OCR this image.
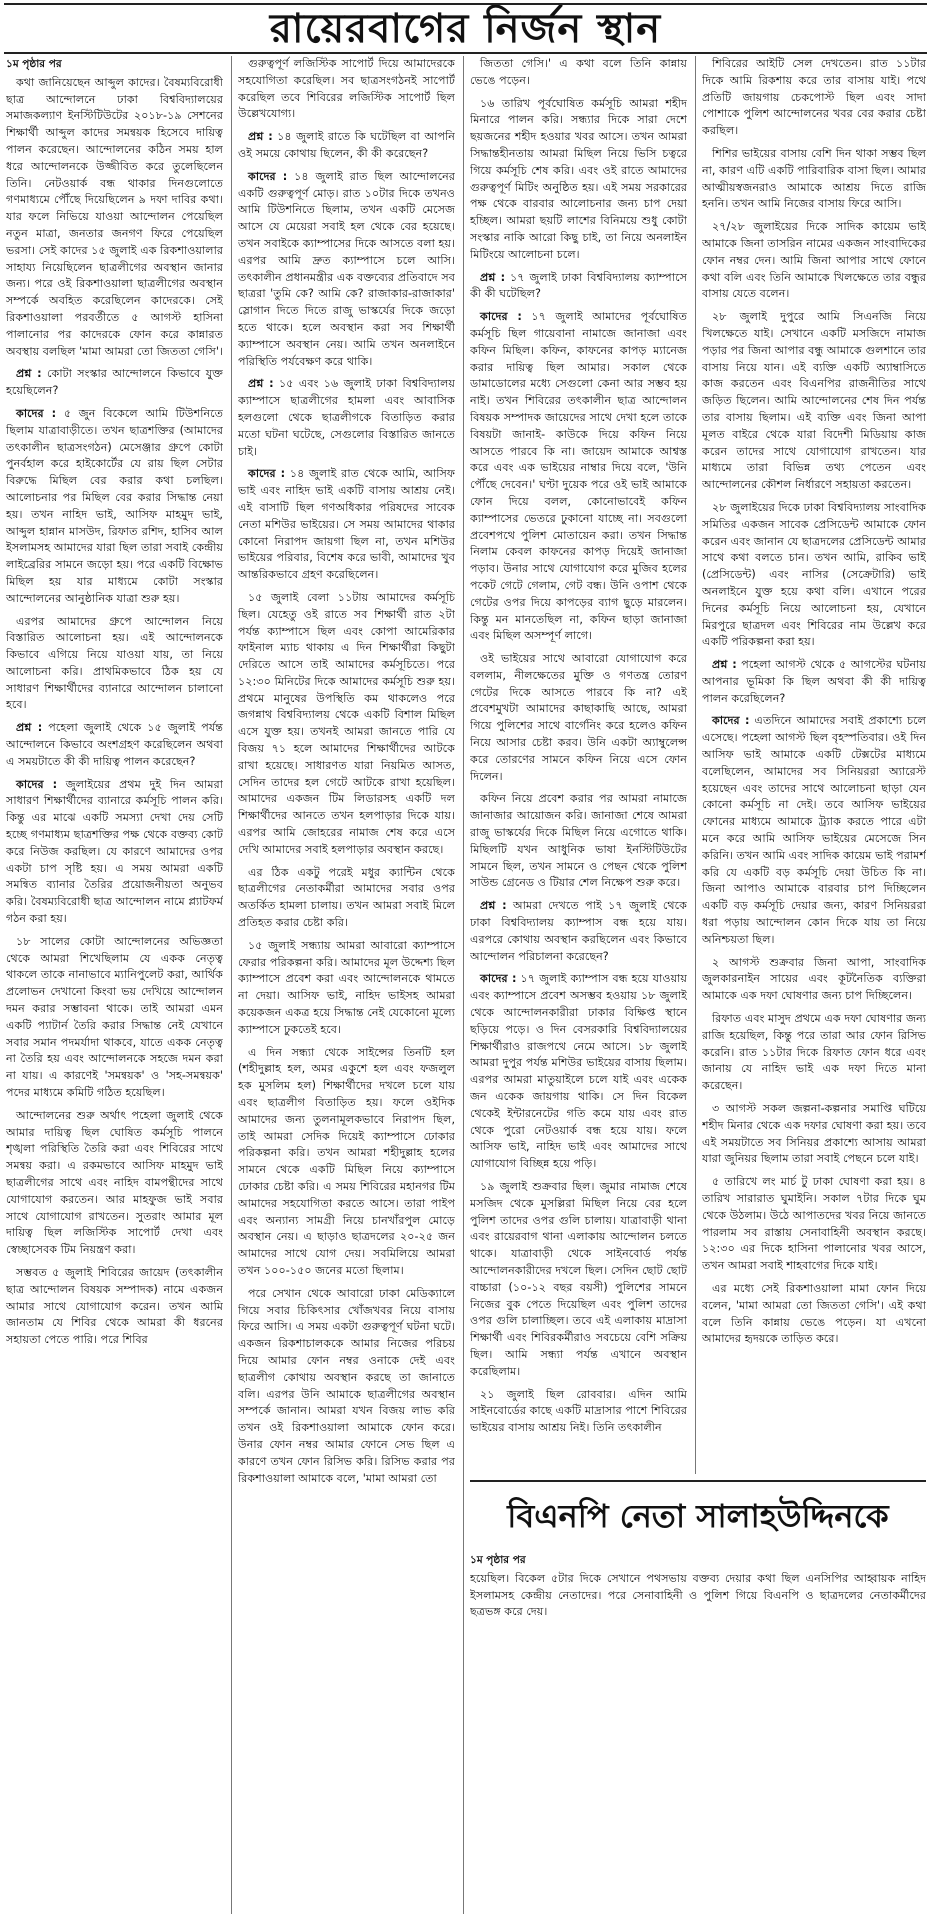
রায়েরবাগের নির্জন স্থান

১ম পৃষ্ঠার পর

কথা জানিয়েছেন আব্দুল কাদের। বৈষম্যবিরোধী ছাত্র আন্দোলনে ঢাকা বিশ্ববিদ্যালয়ের সমাজকল্যাণ ইনস্টিটিউটের ২০১৮-১৯ সেশনের শিক্ষার্থী আব্দুল কাদের সমন্বয়ক হিসেবে দায়িত্ব পালন করেছেন। আন্দোলনের কঠিন সময় হাল ধরে আন্দোলনকে উজ্জীবিত করে তুলেছিলেন তিনি। নেটওয়ার্ক বন্ধ থাকার দিনগুলোতে গণমাধ্যমে পৌঁছে দিয়েছিলেন ৯ দফা দাবির কথা। যার ফলে নিভিয়ে যাওয়া আন্দোলন পেয়েছিল নতুন মাত্রা, জনতার জনগণ ফিরে পেয়েছিল ভরসা। সেই কাদের ১৫ জুলাই এক রিকশাওয়ালার সাহায্য নিয়েছিলেন ছাত্রলীগের অবস্থান জানার জন্য। পরে ওই রিকশাওয়ালা ছাত্রলীগের অবস্থান সম্পর্কে অবহিত করেছিলেন কাদেরকে। সেই রিকশাওয়ালা পরবর্তীতে ৫ আগস্ট হাসিনা পালানোর পর কাদেরকে ফোন করে কান্নারত অবস্থায় বলছিল 'মামা আমরা তো জিততা গেসি'।

প্রশ্ন : কোটা সংস্কার আন্দোলনে কিভাবে যুক্ত হয়েছিলেন?

কাদের : ৫ জুন বিকেলে আমি টিউশনিতে ছিলাম যাত্রাবাড়ীতে। তখন ছাত্রশক্তির (আমাদের তৎকালীন ছাত্রসংগঠন) মেসেঞ্জার গ্রুপে কোটা পুনর্বহাল করে হাইকোর্টের যে রায় ছিল সেটার বিরুদ্ধে মিছিল বের করার কথা চলছিল। আলোচনার পর মিছিল বের করার সিদ্ধান্ত নেয়া হয়। তখন নাহিদ ভাই, আসিফ মাহমুদ ভাই, আব্দুল হান্নান মাসউদ, রিফাত রশিদ, হাসিব আল ইসলামসহ আমাদের যারা ছিল তারা সবাই কেন্দ্রীয় লাইব্রেরির সামনে জড়ো হয়। পরে একটি বিক্ষোভ মিছিল হয় যার মাধ্যমে কোটা সংস্কার আন্দোলনের আনুষ্ঠানিক যাত্রা শুরু হয়।

এরপর আমাদের গ্রুপে আন্দোলন নিয়ে বিস্তারিত আলোচনা হয়। এই আন্দোলনকে কিভাবে এগিয়ে নিয়ে যাওয়া যায়, তা নিয়ে আলোচনা করি। প্রাথমিকভাবে ঠিক হয় যে সাধারণ শিক্ষার্থীদের ব্যানারে আন্দোলন চালানো হবে।

প্রশ্ন : পহেলা জুলাই থেকে ১৫ জুলাই পর্যন্ত আন্দোলনে কিভাবে অংশগ্রহণ করেছিলেন অথবা এ সময়টাতে কী কী দায়িত্ব পালন করেছেন?

কাদের : জুলাইয়ের প্রথম দুই দিন আমরা সাধারণ শিক্ষার্থীদের ব্যানারে কর্মসূচি পালন করি। কিন্তু এর মাঝে একটি সমস্যা দেখা দেয় সেটি হচ্ছে গণমাধ্যম ছাত্রশক্তির পক্ষ থেকে বক্তব্য কোট করে নিউজ করছিল। যে কারণে আমাদের ওপর একটা চাপ সৃষ্টি হয়। এ সময় আমরা একটি সমন্বিত ব্যানার তৈরির প্রয়োজনীয়তা অনুভব করি। বৈষম্যবিরোধী ছাত্র আন্দোলন নামে প্ল্যাটফর্ম গঠন করা হয়।

১৮ সালের কোটা আন্দোলনের অভিজ্ঞতা থেকে আমরা শিখেছিলাম যে একক নেতৃত্ব থাকলে তাকে নানাভাবে ম্যানিপুলেট করা, আর্থিক প্রলোভন দেখানো কিংবা ভয় দেখিয়ে আন্দোলন দমন করার সম্ভাবনা থাকে। তাই আমরা এমন একটি প্যাটার্ন তৈরি করার সিদ্ধান্ত নেই যেখানে সবার সমান পদমর্যাদা থাকবে, যাতে একক নেতৃত্ব না তৈরি হয় এবং আন্দোলনকে সহজে দমন করা না যায়। এ কারণেই 'সমন্বয়ক' ও 'সহ-সমন্বয়ক' পদের মাধ্যমে কমিটি গঠিত হয়েছিল।

আন্দোলনের শুরু অর্থাৎ পহেলা জুলাই থেকে আমার দায়িত্ব ছিল ঘোষিত কর্মসূচি পালনে শৃঙ্খলা পরিস্থিতি তৈরি করা এবং শিবিরের সাথে সমন্বয় করা। এ রকমভাবে আসিফ মাহমুদ ভাই ছাত্রলীগের সাথে এবং নাহিদ বামপন্থীদের সাথে যোগাযোগ করতেন। আর মাহফুজ ভাই সবার সাথে যোগাযোগ রাখতেন। সুতরাং আমার মূল দায়িত্ব ছিল লজিস্টিক সাপোর্ট দেখা এবং স্বেচ্ছাসেবক টিম নিয়ন্ত্রণ করা।

সম্ভবত ৫ জুলাই শিবিরের জায়েদ (তৎকালীন ছাত্র আন্দোলন বিষয়ক সম্পাদক) নামে একজন আমার সাথে যোগাযোগ করেন। তখন আমি জানতাম যে শিবির থেকে আমরা কী ধরনের সহায়তা পেতে পারি। পরে শিবির

গুরুত্বপূর্ণ লজিস্টিক সাপোর্ট দিয়ে আমাদেরকে সহযোগিতা করেছিল। সব ছাত্রসংগঠনই সাপোর্ট করেছিল তবে শিবিরের লজিস্টিক সাপোর্ট ছিল উল্লেখযোগ্য।

প্রশ্ন : ১৪ জুলাই রাতে কি ঘটেছিল বা আপনি ওই সময়ে কোথায় ছিলেন, কী কী করেছেন?

কাদের : ১৪ জুলাই রাত ছিল আন্দোলনের একটি গুরুত্বপূর্ণ মোড়। রাত ১০টার দিকে তখনও আমি টিউশনিতে ছিলাম, তখন একটি মেসেজ আসে যে মেয়েরা সবাই হল থেকে বের হয়েছে। তখন সবাইকে ক্যাম্পাসের দিকে আসতে বলা হয়। এরপর আমি দ্রুত ক্যাম্পাসে চলে আসি। তৎকালীন প্রধানমন্ত্রীর এক বক্তব্যের প্রতিবাদে সব ছাত্ররা 'তুমি কে? আমি কে? রাজাকার-রাজাকার' স্লোগান দিতে দিতে রাজু ভাস্কর্যের দিকে জড়ো হতে থাকে। হলে অবস্থান করা সব শিক্ষার্থী ক্যাম্পাসে অবস্থান নেয়। আমি তখন অনলাইনে পরিস্থিতি পর্যবেক্ষণ করে থাকি।

প্রশ্ন : ১৫ এবং ১৬ জুলাই ঢাকা বিশ্ববিদ্যালয় ক্যাম্পাসে ছাত্রলীগের হামলা এবং আবাসিক হলগুলো থেকে ছাত্রলীগকে বিতাড়িত করার মতো ঘটনা ঘটেছে, সেগুলোর বিস্তারিত জানতে চাই।

কাদের : ১৪ জুলাই রাত থেকে আমি, আসিফ ভাই এবং নাহিদ ভাই একটি বাসায় আশ্রয় নেই। এই বাসাটি ছিল গণঅধিকার পরিষদের সাবেক নেতা মশিউর ভাইয়ের। সে সময় আমাদের থাকার কোনো নিরাপদ জায়গা ছিল না, তখন মশিউর ভাইয়ের পরিবার, বিশেষ করে ভাবী, আমাদের খুব আন্তরিকভাবে গ্রহণ করেছিলেন।

১৫ জুলাই বেলা ১১টায় আমাদের কর্মসূচি ছিল। যেহেতু ওই রাতে সব শিক্ষার্থী রাত ২টা পর্যন্ত ক্যাম্পাসে ছিল এবং কোপা আমেরিকার ফাইনাল ম্যাচ থাকায় এ দিন শিক্ষার্থীরা কিছুটা দেরিতে আসে তাই আমাদের কর্মসূচিতে। পরে ১২:৩০ মিনিটের দিকে আমাদের কর্মসূচি শুরু হয়। প্রথমে মানুষের উপস্থিতি কম থাকলেও পরে জগন্নাথ বিশ্ববিদ্যালয় থেকে একটি বিশাল মিছিল এসে যুক্ত হয়। তখনই আমরা জানতে পারি যে বিজয় ৭১ হলে আমাদের শিক্ষার্থীদের আটকে রাখা হয়েছে। সাধারণত যারা নিয়মিত আসত, সেদিন তাদের হল গেটে আটকে রাখা হয়েছিল। আমাদের একজন টিম লিডারসহ একটি দল শিক্ষার্থীদের আনতে তখন হলপাড়ার দিকে যায়। এরপর আমি জোহরের নামাজ শেষ করে এসে দেখি আমাদের সবাই হলপাড়ার অবস্থান করছে।

এর ঠিক একটু পরেই মধুর ক্যান্টিন থেকে ছাত্রলীগের নেতাকর্মীরা আমাদের সবার ওপর অতর্কিত হামলা চালায়। তখন আমরা সবাই মিলে প্রতিহত করার চেষ্টা করি।

১৫ জুলাই সন্ধ্যায় আমরা আবারো ক্যাম্পাসে ফেরার পরিকল্পনা করি। আমাদের মূল উদ্দেশ্য ছিল ক্যাম্পাসে প্রবেশ করা এবং আন্দোলনকে থামতে না দেয়া। আসিফ ভাই, নাহিদ ভাইসহ আমরা কয়েকজন একত্র হয়ে সিদ্ধান্ত নেই যেকোনো মূল্যে ক্যাম্পাসে ঢুকতেই হবে।

এ দিন সন্ধ্যা থেকে সাইন্সের তিনটি হল (শহীদুল্লাহ হল, অমর একুশে হল এবং ফজলুল হক মুসলিম হল) শিক্ষার্থীদের দখলে চলে যায় এবং ছাত্রলীগ বিতাড়িত হয়। ফলে ওইদিক আমাদের জন্য তুলনামূলকভাবে নিরাপদ ছিল, তাই আমরা সেদিক দিয়েই ক্যাম্পাসে ঢোকার পরিকল্পনা করি। তখন আমরা শহীদুল্লাহ হলের সামনে থেকে একটি মিছিল নিয়ে ক্যাম্পাসে ঢোকার চেষ্টা করি। এ সময় শিবিরের মহানগর টিম আমাদের সহযোগিতা করতে আসে। তারা পাইপ এবং অন্যান্য সামগ্রী নিয়ে চানখাঁরপুল মোড়ে অবস্থান নেয়। এ ছাড়াও ছাত্রদলের ২০-২৫ জন আমাদের সাথে যোগ দেয়। সবমিলিয়ে আমরা তখন ১০০-১৫০ জনের মতো ছিলাম।

পরে সেখান থেকে আবারো ঢাকা মেডিক্যালে গিয়ে সবার চিকিৎসার খোঁজখবর নিয়ে বাসায় ফিরে আসি। এ সময় একটা গুরুত্বপূর্ণ ঘটনা ঘটে। একজন রিকশাচালককে আমার নিজের পরিচয় দিয়ে আমার ফোন নম্বর ওনাকে দেই এবং ছাত্রলীগ কোথায় অবস্থান করছে তা জানাতে বলি। এরপর উনি আমাকে ছাত্রলীগের অবস্থান সম্পর্কে জানান। আমরা যখন বিজয় লাভ করি তখন ওই রিকশাওয়ালা আমাকে ফোন করে। উনার ফোন নম্বর আমার ফোনে সেভ ছিল এ কারণে তখন ফোন রিসিভ করি। রিসিভ করার পর রিকশাওয়ালা আমাকে বলে, 'মামা আমরা তো

জিততা গেসি।' এ কথা বলে তিনি কান্নায় ভেঙে পড়েন।

১৬ তারিখ পূর্বঘোষিত কর্মসূচি আমরা শহীদ মিনারে পালন করি। সন্ধ্যার দিকে সারা দেশে ছয়জনের শহীদ হওয়ার খবর আসে। তখন আমরা সিদ্ধান্তহীনতায় আমরা মিছিল নিয়ে ভিসি চত্বরে গিয়ে কর্মসূচি শেষ করি। এবং ওই রাতে আমাদের গুরুত্বপূর্ণ মিটিং অনুষ্ঠিত হয়। এই সময় সরকারের পক্ষ থেকে বারবার আলোচনার জন্য চাপ দেয়া হচ্ছিল। আমরা ছয়টি লাশের বিনিময়ে শুধু কোটা সংস্কার নাকি আরো কিছু চাই, তা নিয়ে অনলাইন মিটিংয়ে আলোচনা চলে।

প্রশ্ন : ১৭ জুলাই ঢাকা বিশ্ববিদ্যালয় ক্যাম্পাসে কী কী ঘটেছিল?

কাদের : ১৭ জুলাই আমাদের পূর্বঘোষিত কর্মসূচি ছিল গায়েবানা নামাজে জানাজা এবং কফিন মিছিল। কফিন, কাফনের কাপড় ম্যানেজ করার দায়িত্ব ছিল আমার। সকাল থেকে ডামাডোলের মধ্যে সেগুলো কেনা আর সম্ভব হয় নাই। তখন শিবিরের তৎকালীন ছাত্র আন্দোলন বিষয়ক সম্পাদক জায়েদের সাথে দেখা হলে তাকে বিষয়টা জানাই- কাউকে দিয়ে কফিন নিয়ে আসতে পারবে কি না। জায়েদ আমাকে আশ্বস্ত করে এবং এক ভাইয়ের নাম্বার দিয়ে বলে, 'উনি পৌঁছে দেবেন।' ঘণ্টা দুয়েক পরে ওই ভাই আমাকে ফোন দিয়ে বলল, কোনোভাবেই কফিন ক্যাম্পাসের ভেতরে ঢুকানো যাচ্ছে না। সবগুলো প্রবেশপথে পুলিশ মোতায়েন করা। তখন সিদ্ধান্ত নিলাম কেবল কাফনের কাপড় দিয়েই জানাজা পড়াব। উনার সাথে যোগাযোগ করে মুজিব হলের পকেট গেটে গেলাম, গেট বন্ধ। উনি ওপাশ থেকে গেটের ওপর দিয়ে কাপড়ের ব্যাগ ছুড়ে মারলেন। কিন্তু মন মানতেছিল না, কফিন ছাড়া জানাজা এবং মিছিল অসম্পূর্ণ লাগে।

ওই ভাইয়ের সাথে আবারো যোগাযোগ করে বললাম, নীলক্ষেতের মুক্তি ও গণতন্ত্র তোরণ গেটের দিকে আসতে পারবে কি না? এই প্রবেশমুখটা আমাদের কাছাকাছি আছে, আমরা গিয়ে পুলিশের সাথে বার্গেনিং করে হলেও কফিন নিয়ে আসার চেষ্টা করব। উনি একটা অ্যাম্বুলেন্স করে তোরণের সামনে কফিন নিয়ে এসে ফোন দিলেন।

কফিন নিয়ে প্রবেশ করার পর আমরা নামাজে জানাজার আয়োজন করি। জানাজা শেষে আমরা রাজু ভাস্কর্যের দিকে মিছিল নিয়ে এগোতে থাকি। মিছিলটি যখন আধুনিক ভাষা ইনস্টিটিউটের সামনে ছিল, তখন সামনে ও পেছন থেকে পুলিশ সাউন্ড গ্রেনেড ও টিয়ার শেল নিক্ষেপ শুরু করে।

প্রশ্ন : আমরা দেখতে পাই ১৭ জুলাই থেকে ঢাকা বিশ্ববিদ্যালয় ক্যাম্পাস বন্ধ হয়ে যায়। এরপরে কোথায় অবস্থান করছিলেন এবং কিভাবে আন্দোলন পরিচালনা করেছেন?

কাদের : ১৭ জুলাই ক্যাম্পাস বন্ধ হয়ে যাওয়ায় এবং ক্যাম্পাসে প্রবেশ অসম্ভব হওয়ায় ১৮ জুলাই থেকে আন্দোলনকারীরা ঢাকার বিক্ষিপ্ত স্থানে ছড়িয়ে পড়ে। ও দিন বেসরকারি বিশ্ববিদ্যালয়ের শিক্ষার্থীরাও রাজপথে নেমে আসে। ১৮ জুলাই আমরা দুপুর পর্যন্ত মশিউর ভাইয়ের বাসায় ছিলাম। এরপর আমরা মাতুয়াইলে চলে যাই এবং একেক জন একেক জায়গায় থাকি। সে দিন বিকেল থেকেই ইন্টারনেটের গতি কমে যায় এবং রাত থেকে পুরো নেটওয়ার্ক বন্ধ হয়ে যায়। ফলে আসিফ ভাই, নাহিদ ভাই এবং আমাদের সাথে যোগাযোগ বিচ্ছিন্ন হয়ে পড়ি।

১৯ জুলাই শুক্রবার ছিল। জুমার নামাজ শেষে মসজিদ থেকে মুসল্লিরা মিছিল নিয়ে বের হলে পুলিশ তাদের ওপর গুলি চালায়। যাত্রাবাড়ী থানা এবং রায়েরবাগ থানা এলাকায় আন্দোলন চলতে থাকে। যাত্রাবাড়ী থেকে সাইনবোর্ড পর্যন্ত আন্দোলনকারীদের দখলে ছিল। সেদিন ছোট ছোট বাচ্চারা (১০-১২ বছর বয়সী) পুলিশের সামনে নিজের বুক পেতে দিয়েছিল এবং পুলিশ তাদের ওপর গুলি চালাচ্ছিল। তবে এই এলাকায় মাদ্রাসা শিক্ষার্থী এবং শিবিরকর্মীরাও সবচেয়ে বেশি সক্রিয় ছিল। আমি সন্ধ্যা পর্যন্ত এখানে অবস্থান করেছিলাম।

২১ জুলাই ছিল রোববার। এদিন আমি সাইনবোর্ডের কাছে একটি মাদ্রাসার পাশে শিবিরের ভাইয়ের বাসায় আশ্রয় নিই। তিনি তৎকালীন

শিবিরের আইটি সেল দেখতেন। রাত ১১টার দিকে আমি রিকশায় করে তার বাসায় যাই। পথে প্রতিটি জায়গায় চেকপোস্ট ছিল এবং সাদা পোশাকে পুলিশ আন্দোলনের খবর বের করার চেষ্টা করছিল।

শিশির ভাইয়ের বাসায় বেশি দিন থাকা সম্ভব ছিল না, কারণ এটি একটি পারিবারিক বাসা ছিল। আমার আত্মীয়স্বজনরাও আমাকে আশ্রয় দিতে রাজি হননি। তখন আমি নিজের বাসায় ফিরে আসি।

২৭/২৮ জুলাইয়ের দিকে সাদিক কায়েম ভাই আমাকে জিনা তাসরিন নামের একজন সাংবাদিকের ফোন নম্বর দেন। আমি জিনা আপার সাথে ফোনে কথা বলি এবং তিনি আমাকে খিলক্ষেতে তার বন্ধুর বাসায় যেতে বলেন।

২৮ জুলাই দুপুরে আমি সিএনজি নিয়ে খিলক্ষেতে যাই। সেখানে একটি মসজিদে নামাজ পড়ার পর জিনা আপার বন্ধু আমাকে গুলশানে তার বাসায় নিয়ে যান। এই ব্যক্তি একটি অ্যাম্বাসিতে কাজ করতেন এবং বিএনপির রাজনীতির সাথে জড়িত ছিলেন। আমি আন্দোলনের শেষ দিন পর্যন্ত তার বাসায় ছিলাম। এই ব্যক্তি এবং জিনা আপা মূলত বাইরে থেকে যারা বিদেশী মিডিয়ায় কাজ করেন তাদের সাথে যোগাযোগ রাখতেন। যার মাধ্যমে তারা বিভিন্ন তথ্য পেতেন এবং আন্দোলনের কৌশল নির্ধারণে সহায়তা করতেন।

২৮ জুলাইয়ের দিকে ঢাকা বিশ্ববিদ্যালয় সাংবাদিক সমিতির একজন সাবেক প্রেসিডেন্ট আমাকে ফোন করেন এবং জানান যে ছাত্রদলের প্রেসিডেন্ট আমার সাথে কথা বলতে চান। তখন আমি, রাকিব ভাই (প্রেসিডেন্ট) এবং নাসির (সেক্রেটারি) ভাই অনলাইনে যুক্ত হয়ে কথা বলি। এখানে পরের দিনের কর্মসূচি নিয়ে আলোচনা হয়, যেখানে মিরপুরে ছাত্রদল এবং শিবিরের নাম উল্লেখ করে একটি পরিকল্পনা করা হয়।

প্রশ্ন : পহেলা আগস্ট থেকে ৫ আগস্টের ঘটনায় আপনার ভূমিকা কি ছিল অথবা কী কী দায়িত্ব পালন করেছিলেন?

কাদের : এতদিনে আমাদের সবাই প্রকাশ্যে চলে এসেছে। পহেলা আগস্ট ছিল বৃহস্পতিবার। ওই দিন আসিফ ভাই আমাকে একটি টেক্সটের মাধ্যমে বলেছিলেন, আমাদের সব সিনিয়ররা অ্যারেস্ট হয়েছেন এবং তাদের সাথে আলোচনা ছাড়া যেন কোনো কর্মসূচি না দেই। তবে আসিফ ভাইয়ের ফোনের মাধ্যমে আমাকে ট্র্যাক করতে পারে এটা মনে করে আমি আসিফ ভাইয়ের মেসেজে সিন করিনি। তখন আমি এবং সাদিক কায়েম ভাই পরামর্শ করি যে একটি বড় কর্মসূচি দেয়া উচিত কি না। জিনা আপাও আমাকে বারবার চাপ দিচ্ছিলেন একটি বড় কর্মসূচি দেয়ার জন্য, কারণ সিনিয়ররা ধরা পড়ায় আন্দোলন কোন দিকে যায় তা নিয়ে অনিশ্চয়তা ছিল।

২ আগস্ট শুক্রবার জিনা আপা, সাংবাদিক জুলকারনাইন সায়ের এবং কূটনৈতিক ব্যক্তিরা আমাকে এক দফা ঘোষণার জন্য চাপ দিচ্ছিলেন।

রিফাত এবং মাসুদ প্রথমে এক দফা ঘোষণার জন্য রাজি হয়েছিল, কিন্তু পরে তারা আর ফোন রিসিভ করেনি। রাত ১১টার দিকে রিফাত ফোন ধরে এবং জানায় যে নাহিদ ভাই এক দফা দিতে মানা করেছেন।

৩ আগস্ট সকল জল্পনা-কল্পনার সমাপ্তি ঘটিয়ে শহীদ মিনার থেকে এক দফার ঘোষণা করা হয়। তবে এই সময়টাতে সব সিনিয়র প্রকাশ্যে আসায় আমরা যারা জুনিয়র ছিলাম তারা সবাই পেছনে চলে যাই।

৫ তারিখে লং মার্চ টু ঢাকা ঘোষণা করা হয়। ৪ তারিখ সারারাত ঘুমাইনি। সকাল ৭টার দিকে ঘুম থেকে উঠলাম। উঠে আপাতদের খবর নিয়ে জানতে পারলাম সব রাস্তায় সেনাবাহিনী অবস্থান করছে। ১২:৩০ এর দিকে হাসিনা পালানোর খবর আসে, তখন আমরা সবাই শাহবাগের দিকে যাই।

এর মধ্যে সেই রিকশাওয়ালা মামা ফোন দিয়ে বলেন, 'মামা আমরা তো জিততা গেসি'। এই কথা বলে তিনি কান্নায় ভেঙে পড়েন। যা এখনো আমাদের হৃদয়কে তাড়িত করে।

বিএনপি নেতা সালাহউদ্দিনকে

১ম পৃষ্ঠার পর

হয়েছিল। বিকেল ৫টার দিকে সেখানে পথসভায় বক্তব্য দেয়ার কথা ছিল এনসিপির আহ্বায়ক নাহিদ ইসলামসহ কেন্দ্রীয় নেতাদের। পরে সেনাবাহিনী ও পুলিশ গিয়ে বিএনপি ও ছাত্রদলের নেতাকর্মীদের ছত্রভঙ্গ করে দেয়।
